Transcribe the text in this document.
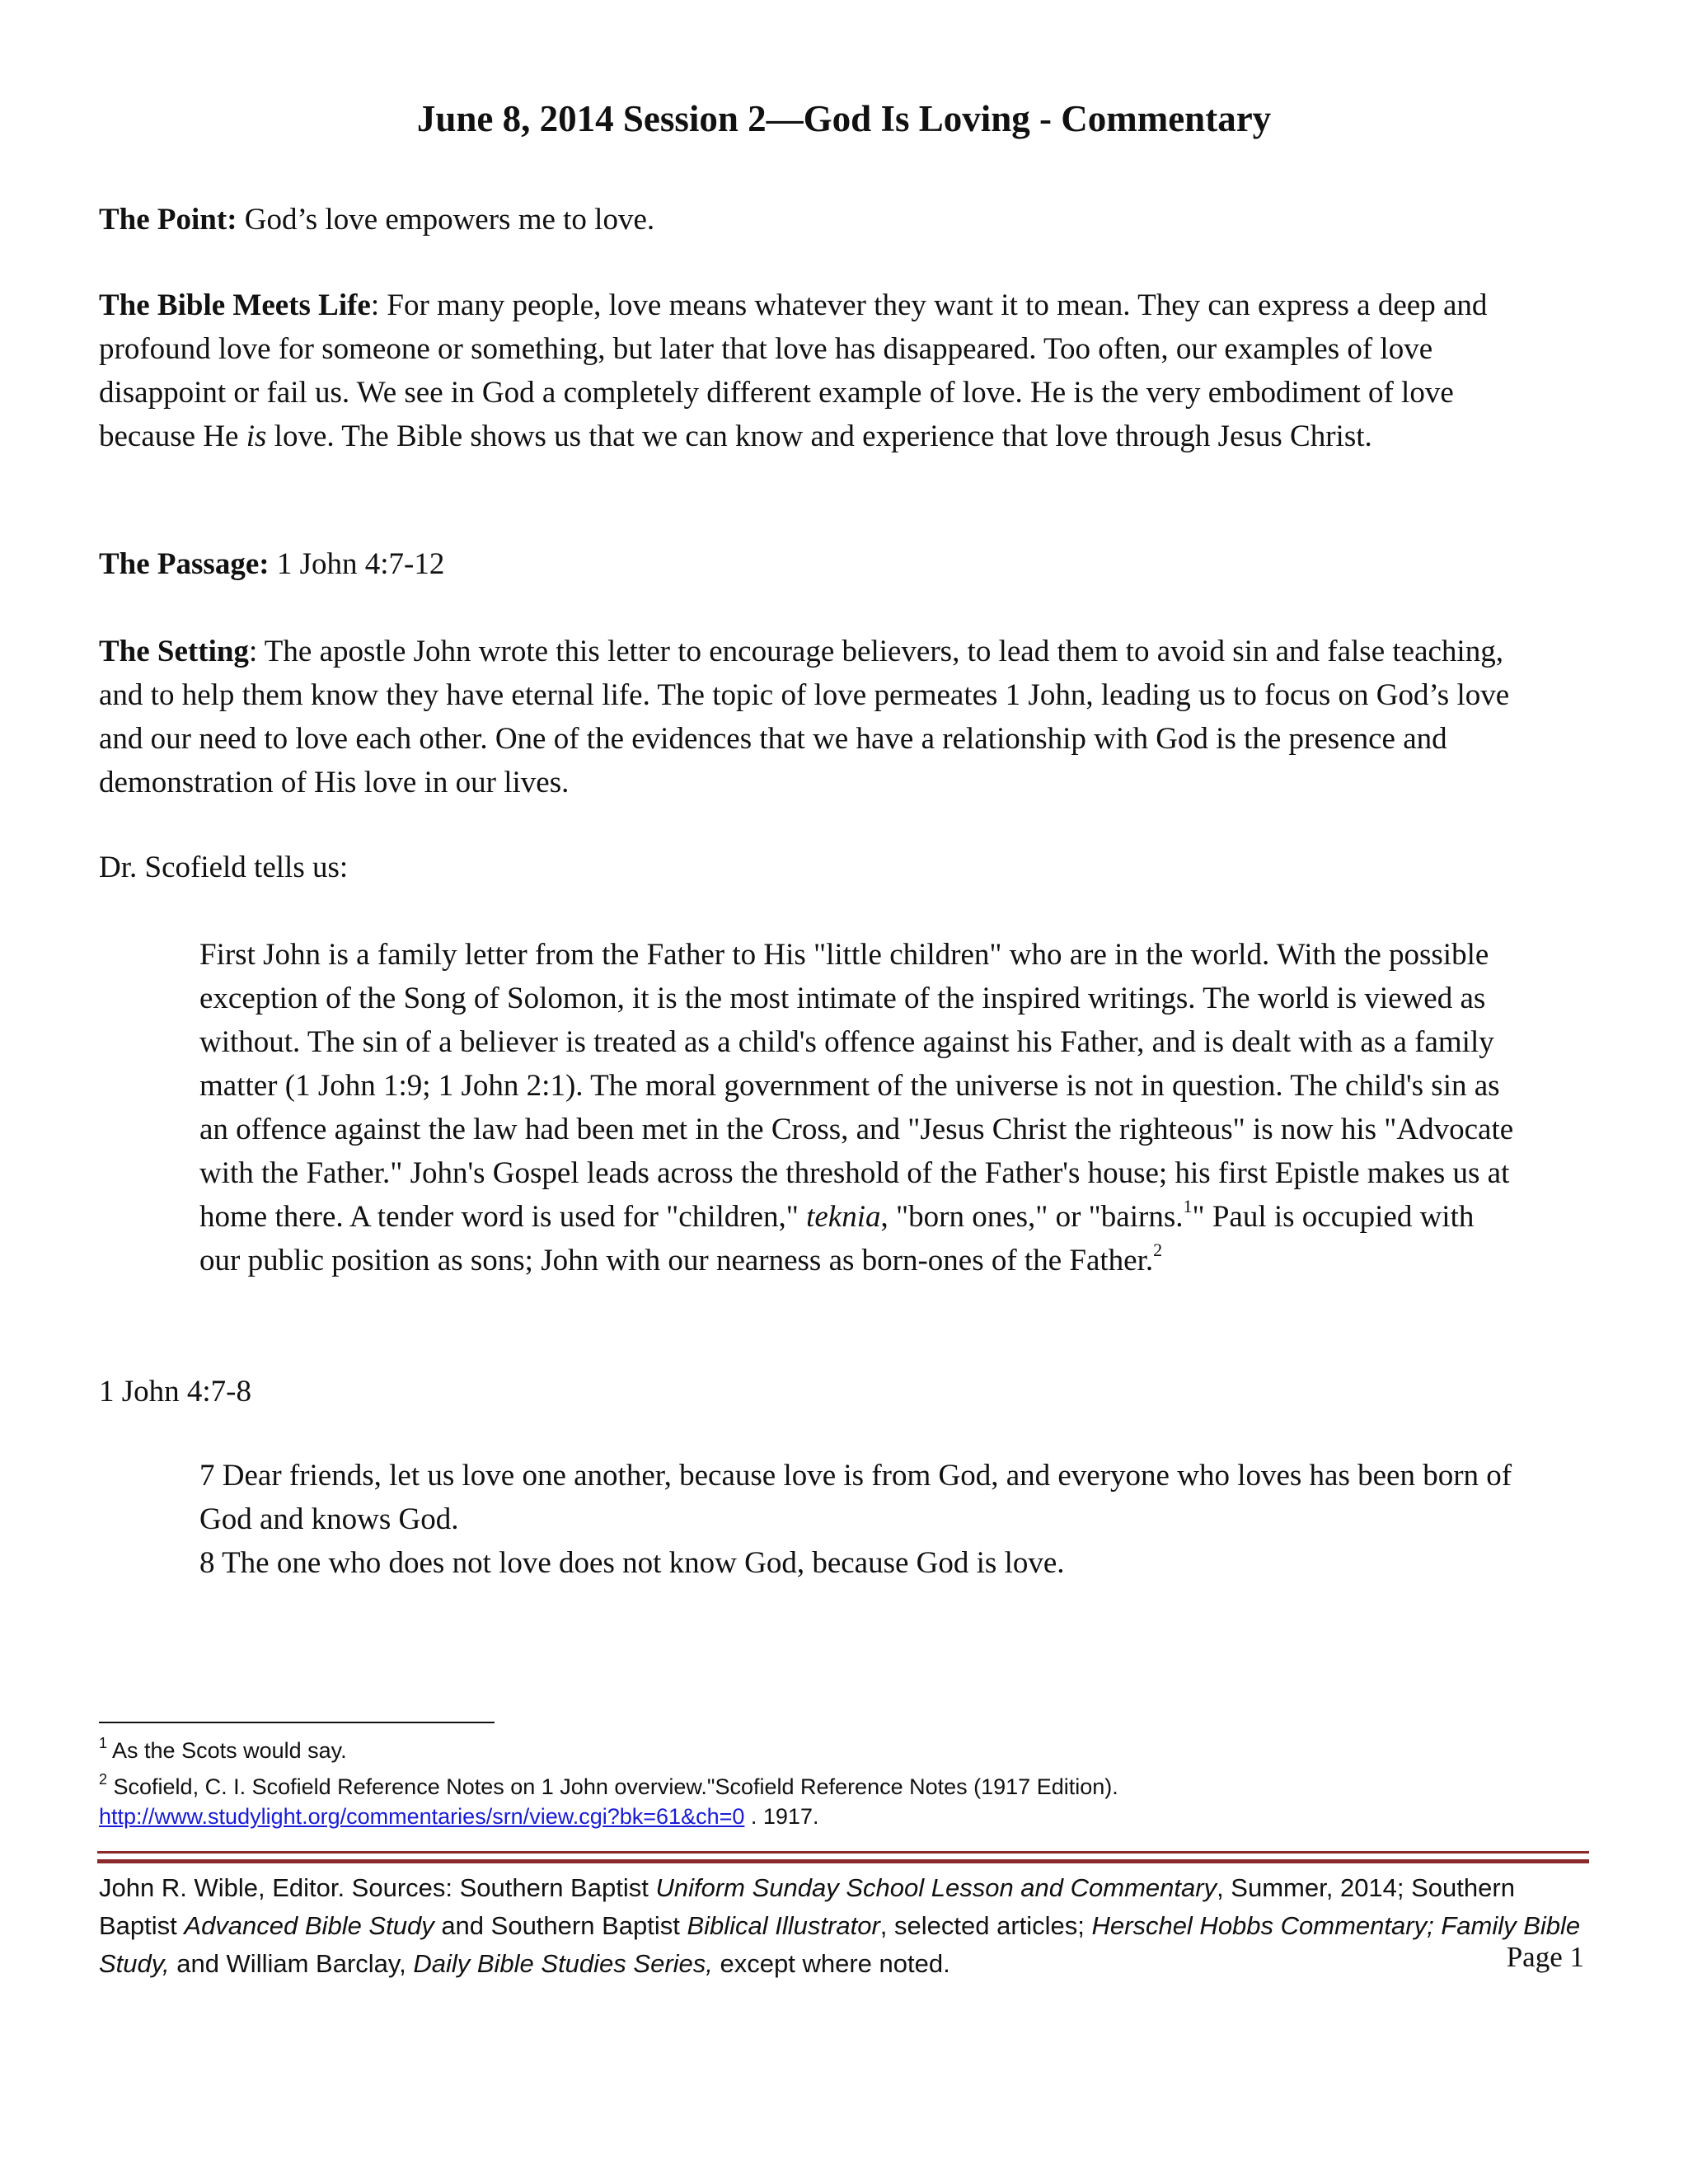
June 8, 2014 Session 2—God Is Loving - Commentary

The Point: God’s love empowers me to love.

The Bible Meets Life: For many people, love means whatever they want it to mean. They can express a deep and profound love for someone or something, but later that love has disappeared. Too often, our examples of love disappoint or fail us. We see in God a completely different example of love. He is the very embodiment of love because He is love. The Bible shows us that we can know and experience that love through Jesus Christ.

The Passage: 1 John 4:7-12

The Setting: The apostle John wrote this letter to encourage believers, to lead them to avoid sin and false teaching, and to help them know they have eternal life. The topic of love permeates 1 John, leading us to focus on God’s love and our need to love each other. One of the evidences that we have a relationship with God is the presence and demonstration of His love in our lives.

Dr. Scofield tells us:

First John is a family letter from the Father to His "little children" who are in the world. With the possible exception of the Song of Solomon, it is the most intimate of the inspired writings. The world is viewed as without. The sin of a believer is treated as a child's offence against his Father, and is dealt with as a family matter (1 John 1:9; 1 John 2:1). The moral government of the universe is not in question. The child's sin as an offence against the law had been met in the Cross, and "Jesus Christ the righteous" is now his "Advocate with the Father." John's Gospel leads across the threshold of the Father's house; his first Epistle makes us at home there. A tender word is used for "children," teknia, "born ones," or "bairns.$^1$" Paul is occupied with our public position as sons; John with our nearness as born-ones of the Father.$^2$

1 John 4:7-8

7 Dear friends, let us love one another, because love is from God, and everyone who loves has been born of God and knows God.
8 The one who does not love does not know God, because God is love.

$^1$ As the Scots would say.

$^2$ Scofield, C. I. Scofield Reference Notes on 1 John overview."Scofield Reference Notes (1917 Edition).
http://www.studylight.org/commentaries/srn/view.cgi?bk=61&ch=0 . 1917.

John R. Wible, Editor. Sources: Southern Baptist Uniform Sunday School Lesson and Commentary, Summer, 2014; Southern Baptist Advanced Bible Study and Southern Baptist Biblical Illustrator, selected articles; Herschel Hobbs Commentary; Family Bible Study, and William Barclay, Daily Bible Studies Series, except where noted.	Page 1
